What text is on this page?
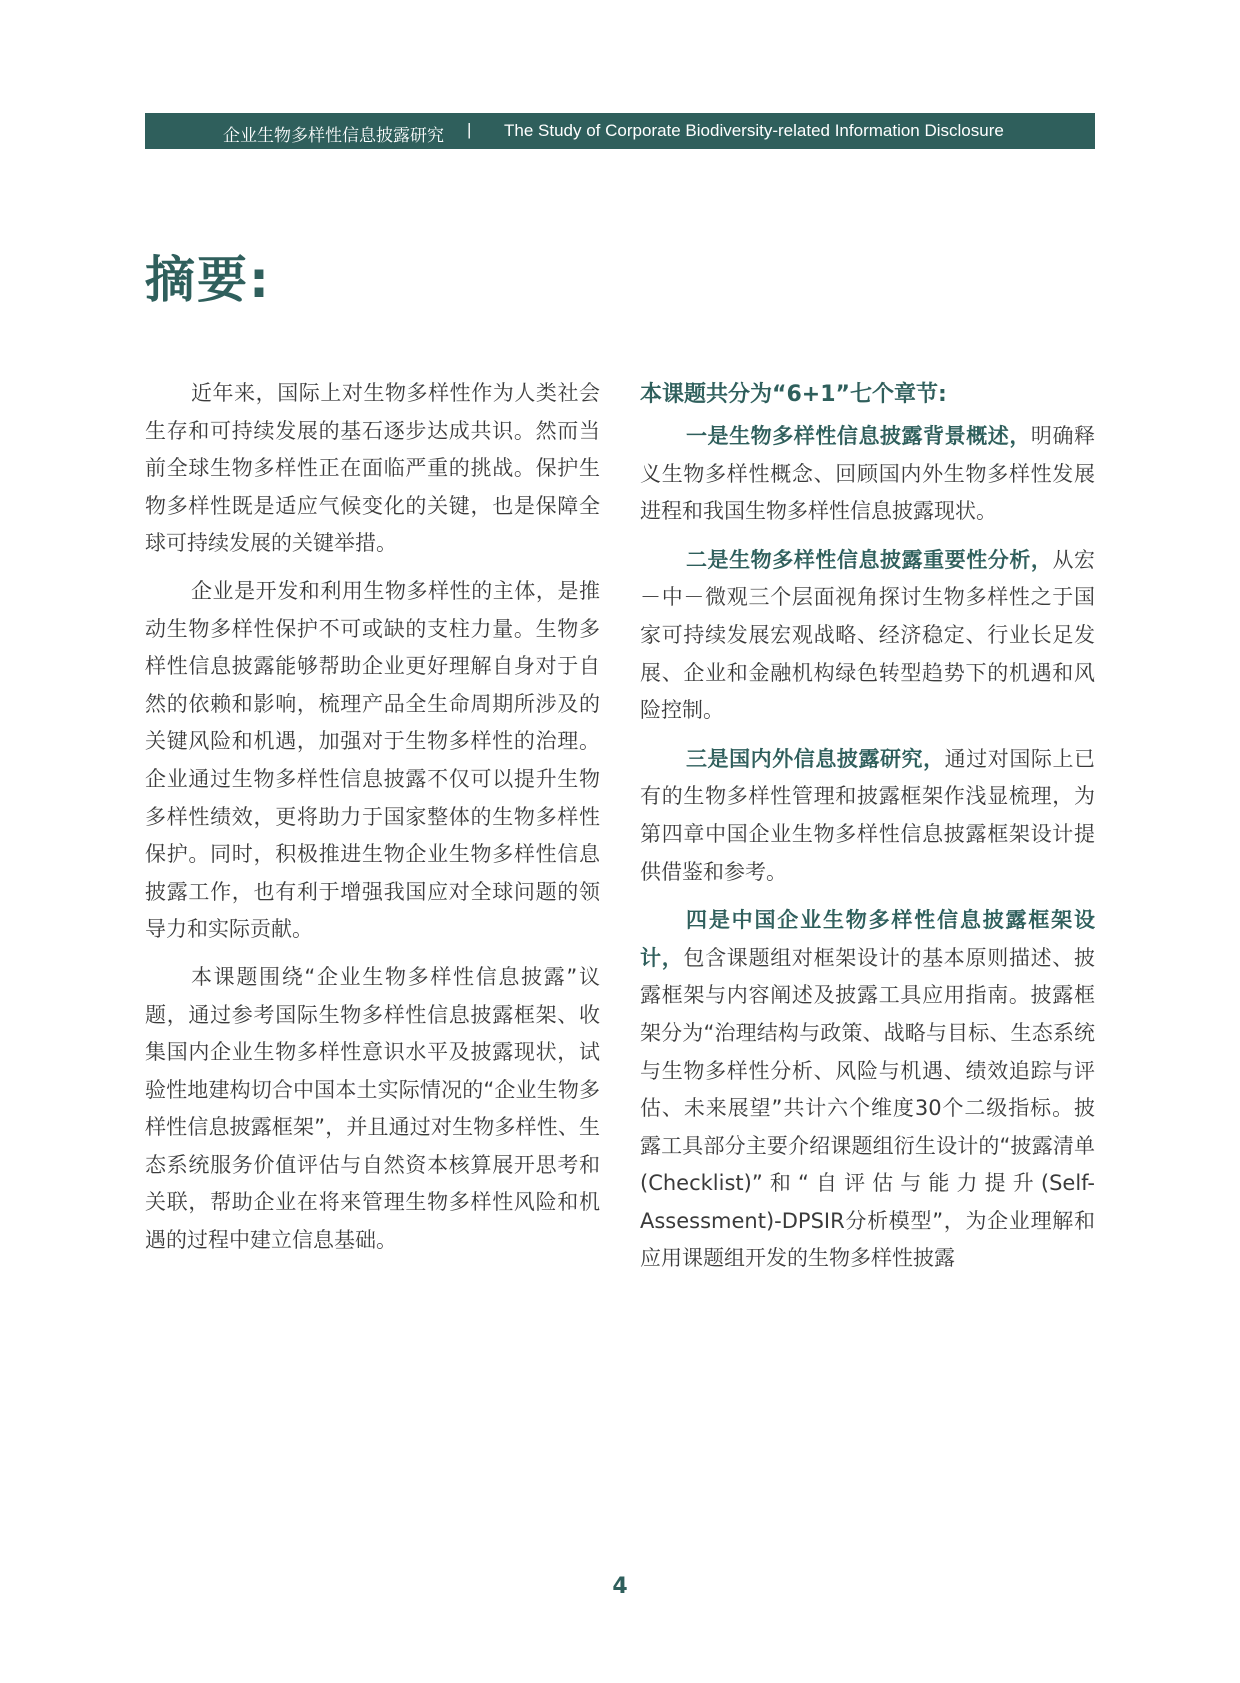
企业生物多样性信息披露研究 | The Study of Corporate Biodiversity-related Information Disclosure
摘要:

近年来，国际上对生物多样性作为人类社会生存和可持续发展的基石逐步达成共识。然而当前全球生物多样性正在面临严重的挑战。保护生物多样性既是适应气候变化的关键，也是保障全球可持续发展的关键举措。

企业是开发和利用生物多样性的主体，是推动生物多样性保护不可或缺的支柱力量。生物多样性信息披露能够帮助企业更好理解自身对于自然的依赖和影响，梳理产品全生命周期所涉及的关键风险和机遇，加强对于生物多样性的治理。企业通过生物多样性信息披露不仅可以提升生物多样性绩效，更将助力于国家整体的生物多样性保护。同时，积极推进生物企业生物多样性信息披露工作，也有利于增强我国应对全球问题的领导力和实际贡献。

本课题围绕“企业生物多样性信息披露”议题，通过参考国际生物多样性信息披露框架、收集国内企业生物多样性意识水平及披露现状，试验性地建构切合中国本土实际情况的“企业生物多样性信息披露框架”，并且通过对生物多样性、生态系统服务价值评估与自然资本核算展开思考和关联，帮助企业在将来管理生物多样性风险和机遇的过程中建立信息基础。

本课题共分为“6+1”七个章节:

一是生物多样性信息披露背景概述，明确释义生物多样性概念、回顾国内外生物多样性发展进程和我国生物多样性信息披露现状。

二是生物多样性信息披露重要性分析，从宏－中－微观三个层面视角探讨生物多样性之于国家可持续发展宏观战略、经济稳定、行业长足发展、企业和金融机构绿色转型趋势下的机遇和风险控制。

三是国内外信息披露研究，通过对国际上已有的生物多样性管理和披露框架作浅显梳理，为第四章中国企业生物多样性信息披露框架设计提供借鉴和参考。

四是中国企业生物多样性信息披露框架设计，包含课题组对框架设计的基本原则描述、披露框架与内容阐述及披露工具应用指南。披露框架分为“治理结构与政策、战略与目标、生态系统与生物多样性分析、风险与机遇、绩效追踪与评估、未来展望”共计六个维度30个二级指标。披露工具部分主要介绍课题组衍生设计的“披露清单(Checklist)”和“自评估与能力提升(Self-Assessment)-DPSIR分析模型”，为企业理解和应用课题组开发的生物多样性披露

4
